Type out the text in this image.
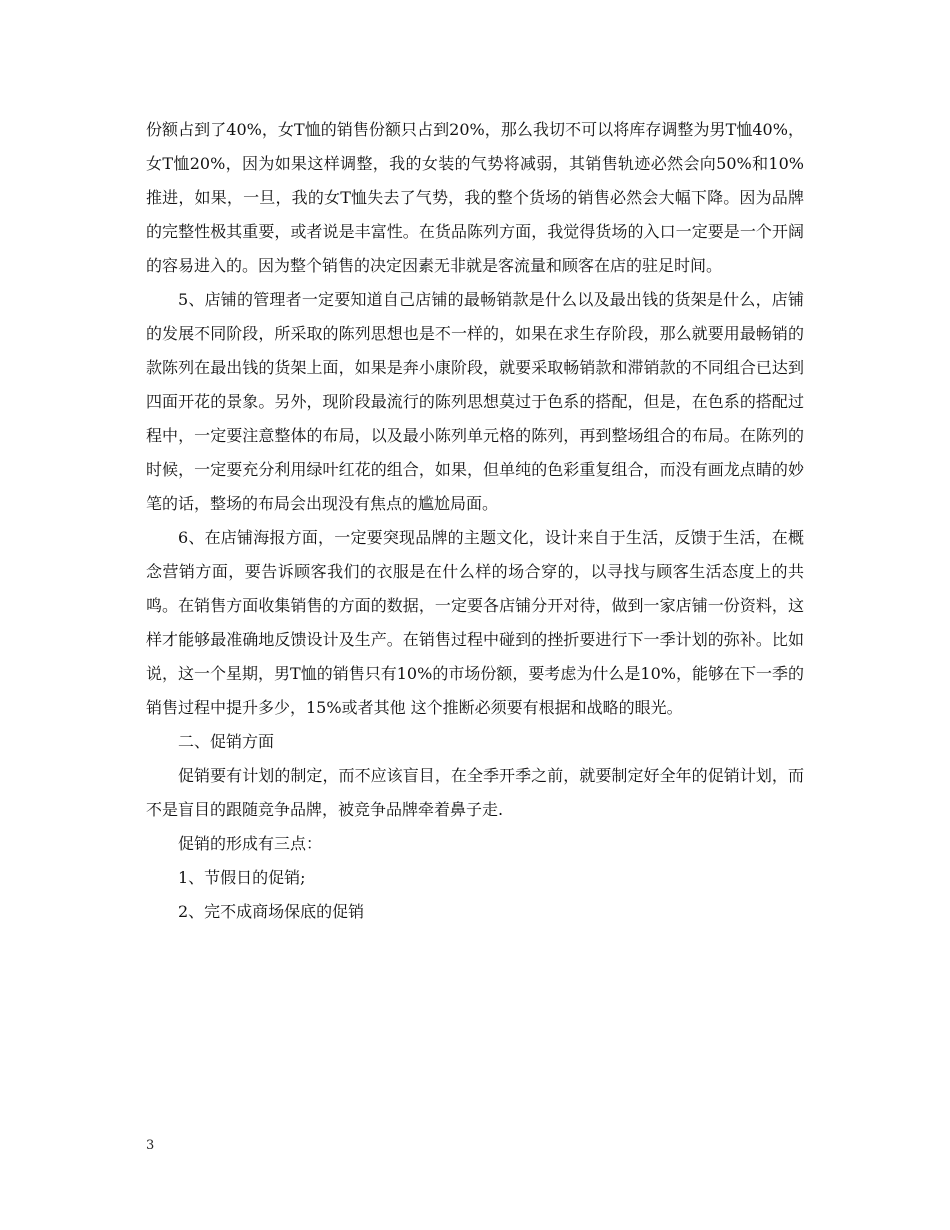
份额占到了40%，女T恤的销售份额只占到20%，那么我切不可以将库存调整为男T恤40%，女T恤20%，因为如果这样调整，我的女装的气势将减弱，其销售轨迹必然会向50%和10%推进，如果，一旦，我的女T恤失去了气势，我的整个货场的销售必然会大幅下降。因为品牌的完整性极其重要，或者说是丰富性。在货品陈列方面，我觉得货场的入口一定要是一个开阔的容易进入的。因为整个销售的决定因素无非就是客流量和顾客在店的驻足时间。

5、店铺的管理者一定要知道自己店铺的最畅销款是什么以及最出钱的货架是什么，店铺的发展不同阶段，所采取的陈列思想也是不一样的，如果在求生存阶段，那么就要用最畅销的款陈列在最出钱的货架上面，如果是奔小康阶段，就要采取畅销款和滞销款的不同组合已达到四面开花的景象。另外，现阶段最流行的陈列思想莫过于色系的搭配，但是，在色系的搭配过程中，一定要注意整体的布局，以及最小陈列单元格的陈列，再到整场组合的布局。在陈列的时候，一定要充分利用绿叶红花的组合，如果，但单纯的色彩重复组合，而没有画龙点睛的妙笔的话，整场的布局会出现没有焦点的尴尬局面。

6、在店铺海报方面，一定要突现品牌的主题文化，设计来自于生活，反馈于生活，在概念营销方面，要告诉顾客我们的衣服是在什么样的场合穿的，以寻找与顾客生活态度上的共鸣。在销售方面收集销售的方面的数据，一定要各店铺分开对待，做到一家店铺一份资料，这样才能够最准确地反馈设计及生产。在销售过程中碰到的挫折要进行下一季计划的弥补。比如说，这一个星期，男T恤的销售只有10%的市场份额，要考虑为什么是10%，能够在下一季的销售过程中提升多少，15%或者其他 这个推断必须要有根据和战略的眼光。

二、促销方面

促销要有计划的制定，而不应该盲目，在全季开季之前，就要制定好全年的促销计划，而不是盲目的跟随竞争品牌，被竞争品牌牵着鼻子走.

促销的形成有三点：

1、节假日的促销;

2、完不成商场保底的促销

3
